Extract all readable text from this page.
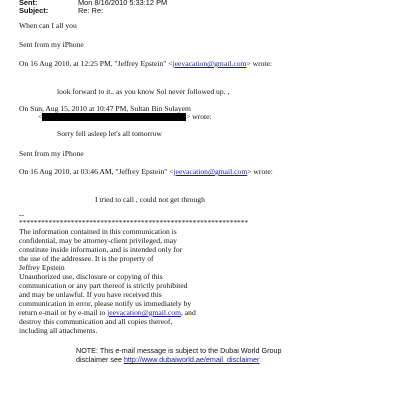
Sent:	Mon 8/16/2010 5:33:12 PM
Subject:	Re: Re:
When can I all you
Sent from my iPhone
On 16 Aug 2010, at 12:25 PM, "Jeffrey Epstein" <jeevacation@gmail.com> wrote:
look forward to it.. as you know Sol never followed up. ,
On Sun, Aug 15, 2010 at 10:47 PM, Sultan Bin Sulayem
<	> wrote:
Sorry fell asleep let's all tomorrow
Sent from my iPhone
On 16 Aug 2010, at 03:46 AM, "Jeffrey Epstein" <jeevacation@gmail.com> wrote:
I tried to call , could not get through
--
**************************************************************
The information contained in this communication is
confidential, may be attorney-client privileged, may
constitute inside information, and is intended only for
the use of the addressee. It is the property of
Jeffrey Epstein
Unauthorized use, disclosure or copying of this
communication or any part thereof is strictly prohibited
and may be unlawful. If you have received this
communication in error, please notify us immediately by
return e-mail or by e-mail to jeevacation@gmail.com, and
destroy this communication and all copies thereof,
including all attachments.
NOTE: This e-mail message is subject to the Dubai World Group
disclaimer see http://www.dubaiworld.ae/email_disclaimer
